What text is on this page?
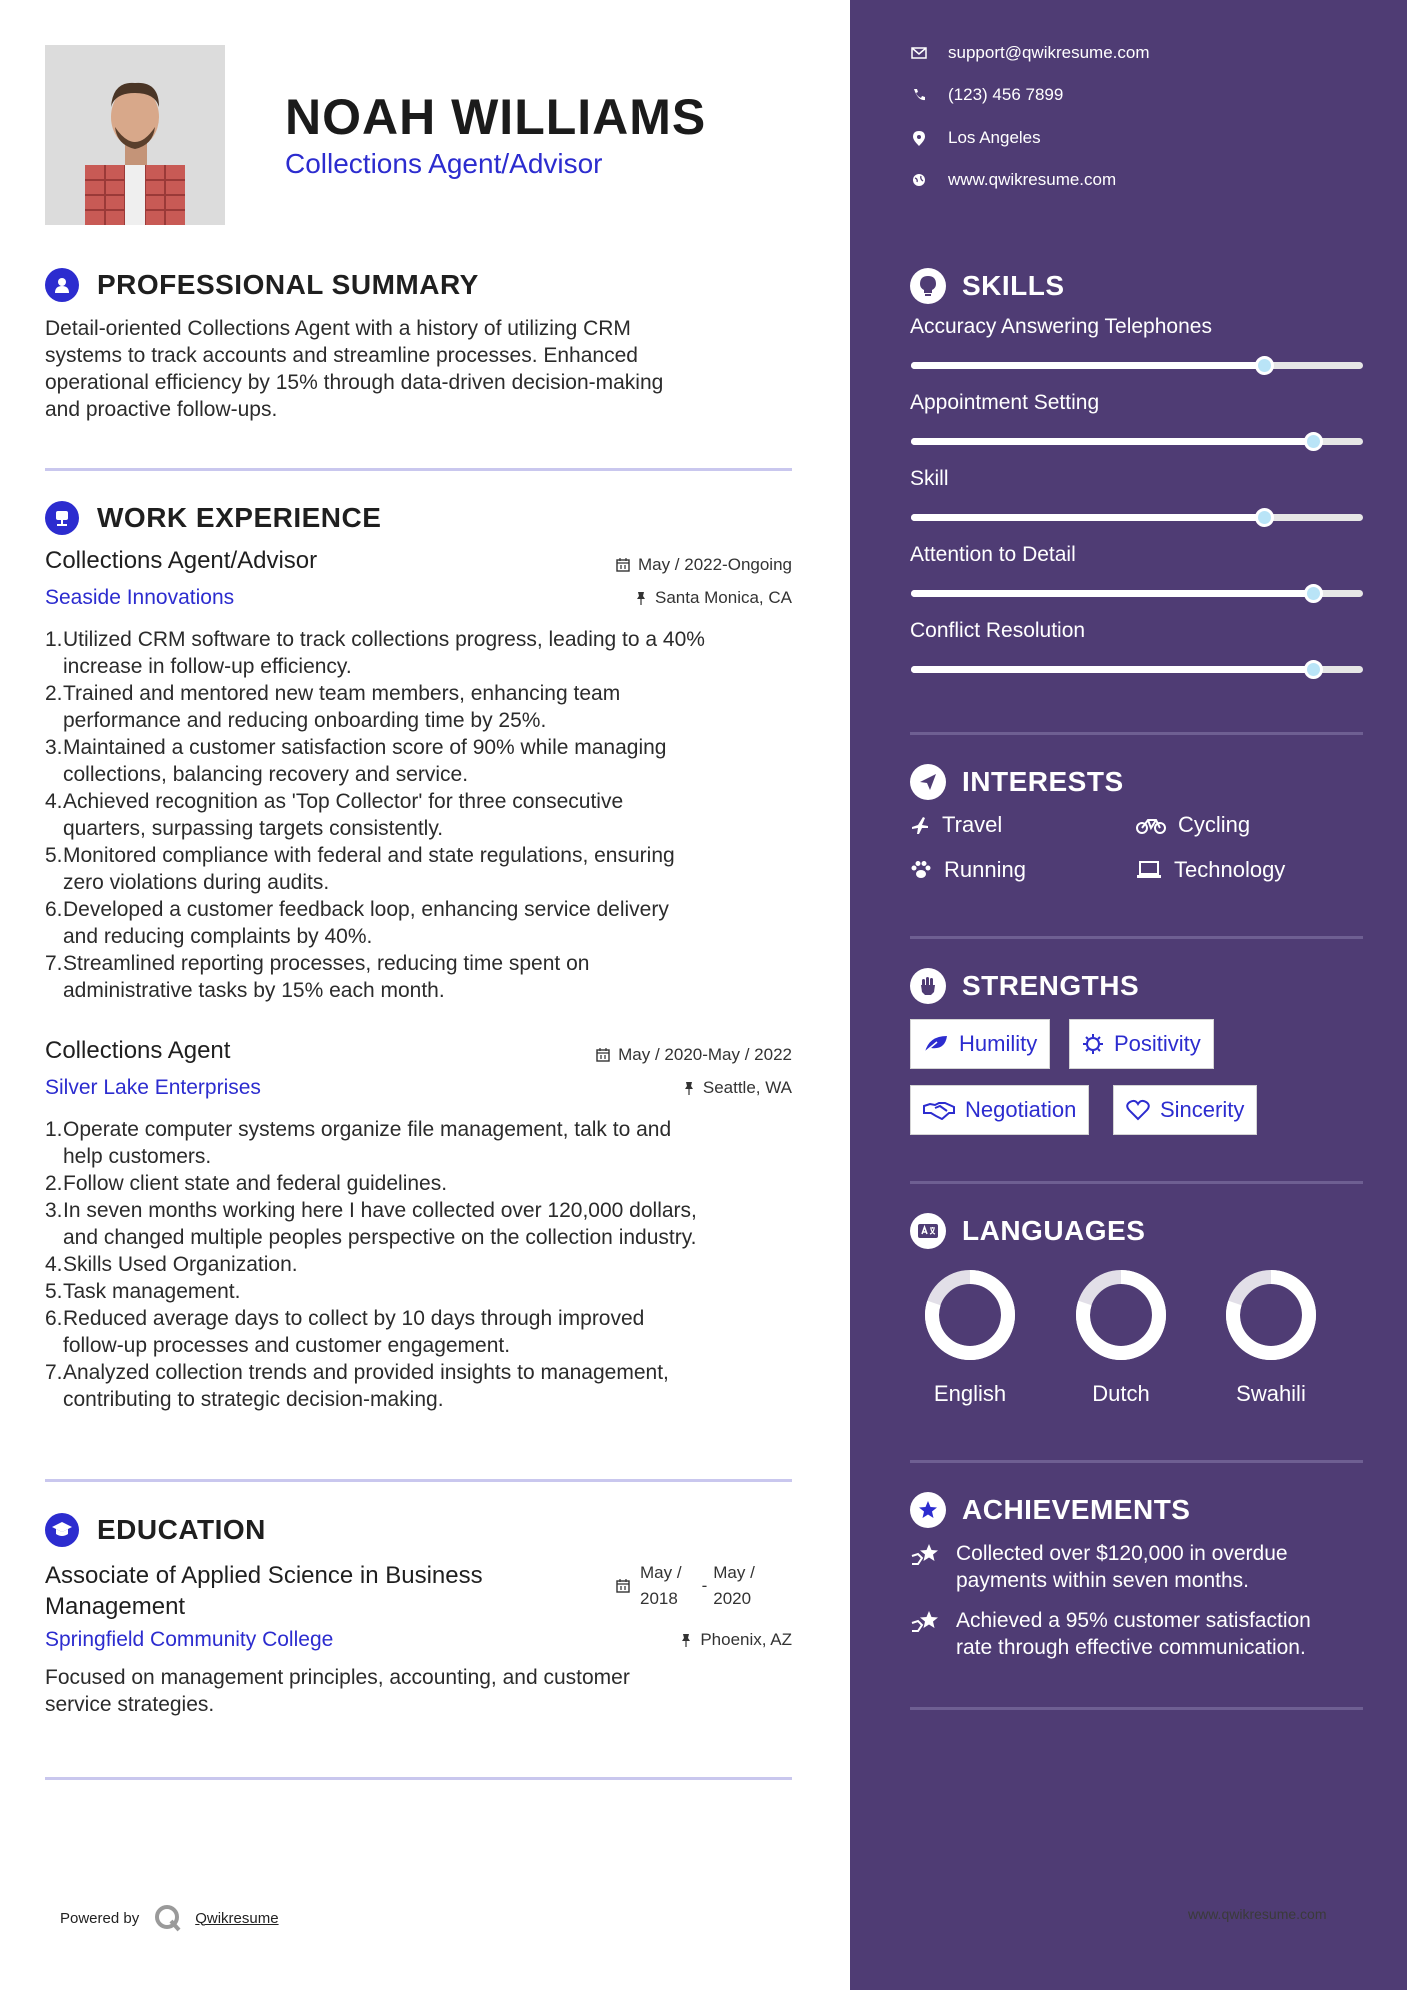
NOAH WILLIAMS
Collections Agent/Advisor
PROFESSIONAL SUMMARY
Detail-oriented Collections Agent with a history of utilizing CRM
systems to track accounts and streamline processes. Enhanced
operational efficiency by 15% through data-driven decision-making
and proactive follow-ups.
WORK EXPERIENCE
Collections Agent/Advisor	May / 2022-Ongoing
Seaside Innovations	Santa Monica, CA
1. Utilized CRM software to track collections progress, leading to a 40%
increase in follow-up efficiency.
2. Trained and mentored new team members, enhancing team
performance and reducing onboarding time by 25%.
3. Maintained a customer satisfaction score of 90% while managing
collections, balancing recovery and service.
4. Achieved recognition as 'Top Collector' for three consecutive
quarters, surpassing targets consistently.
5. Monitored compliance with federal and state regulations, ensuring
zero violations during audits.
6. Developed a customer feedback loop, enhancing service delivery
and reducing complaints by 40%.
7. Streamlined reporting processes, reducing time spent on
administrative tasks by 15% each month.
Collections Agent	May / 2020-May / 2022
Silver Lake Enterprises	Seattle, WA
1. Operate computer systems organize file management, talk to and
help customers.
2. Follow client state and federal guidelines.
3. In seven months working here I have collected over 120,000 dollars,
and changed multiple peoples perspective on the collection industry.
4. Skills Used Organization.
5. Task management.
6. Reduced average days to collect by 10 days through improved
follow-up processes and customer engagement.
7. Analyzed collection trends and provided insights to management,
contributing to strategic decision-making.
EDUCATION
Associate of Applied Science in Business
Management
May /
2018
-
May /
2020
Springfield Community College	Phoenix, AZ
Focused on management principles, accounting, and customer
service strategies.
Powered by	Qwikresume
support@qwikresume.com
(123) 456 7899
Los Angeles
www.qwikresume.com
SKILLS
Accuracy Answering Telephones
Appointment Setting
Skill
Attention to Detail
Conflict Resolution
INTERESTS
Travel	Cycling
Running	Technology
STRENGTHS
Humility	Positivity
Negotiation	Sincerity
LANGUAGES
English	Dutch	Swahili
ACHIEVEMENTS
Collected over $120,000 in overdue
payments within seven months.
Achieved a 95% customer satisfaction
rate through effective communication.
www.qwikresume.com
